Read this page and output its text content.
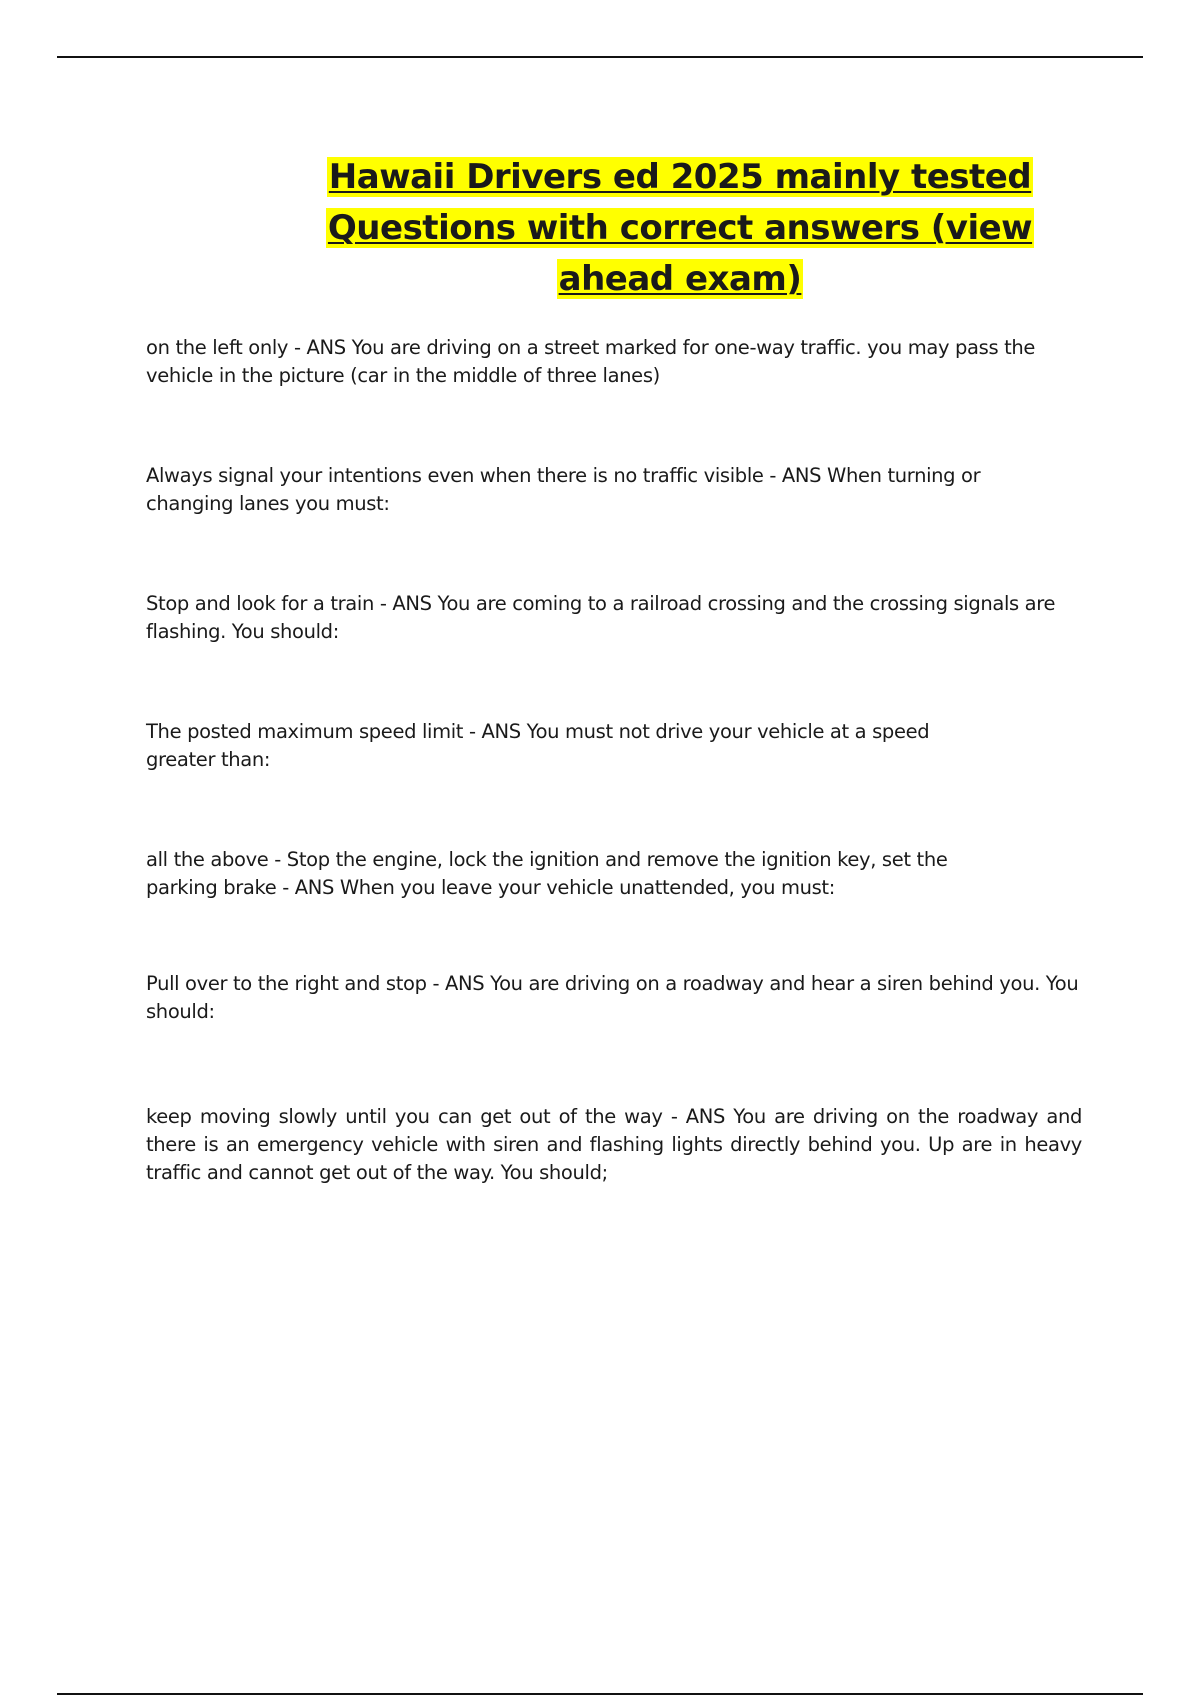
Hawaii Drivers ed 2025 mainly tested Questions with correct answers (view ahead exam)

on the left only - ANS You are driving on a street marked for one-way traffic. you may pass the vehicle in the picture (car in the middle of three lanes)

Always signal your intentions even when there is no traffic visible - ANS When turning or changing lanes you must:

Stop and look for a train - ANS You are coming to a railroad crossing and the crossing signals are flashing. You should:

The posted maximum speed limit - ANS You must not drive your vehicle at a speed greater than:

all the above - Stop the engine, lock the ignition and remove the ignition key, set the parking brake - ANS When you leave your vehicle unattended, you must:

Pull over to the right and stop - ANS You are driving on a roadway and hear a siren behind you. You should:

keep moving slowly until you can get out of the way - ANS You are driving on the roadway and there is an emergency vehicle with siren and flashing lights directly behind you. Up are in heavy traffic and cannot get out of the way. You should;
